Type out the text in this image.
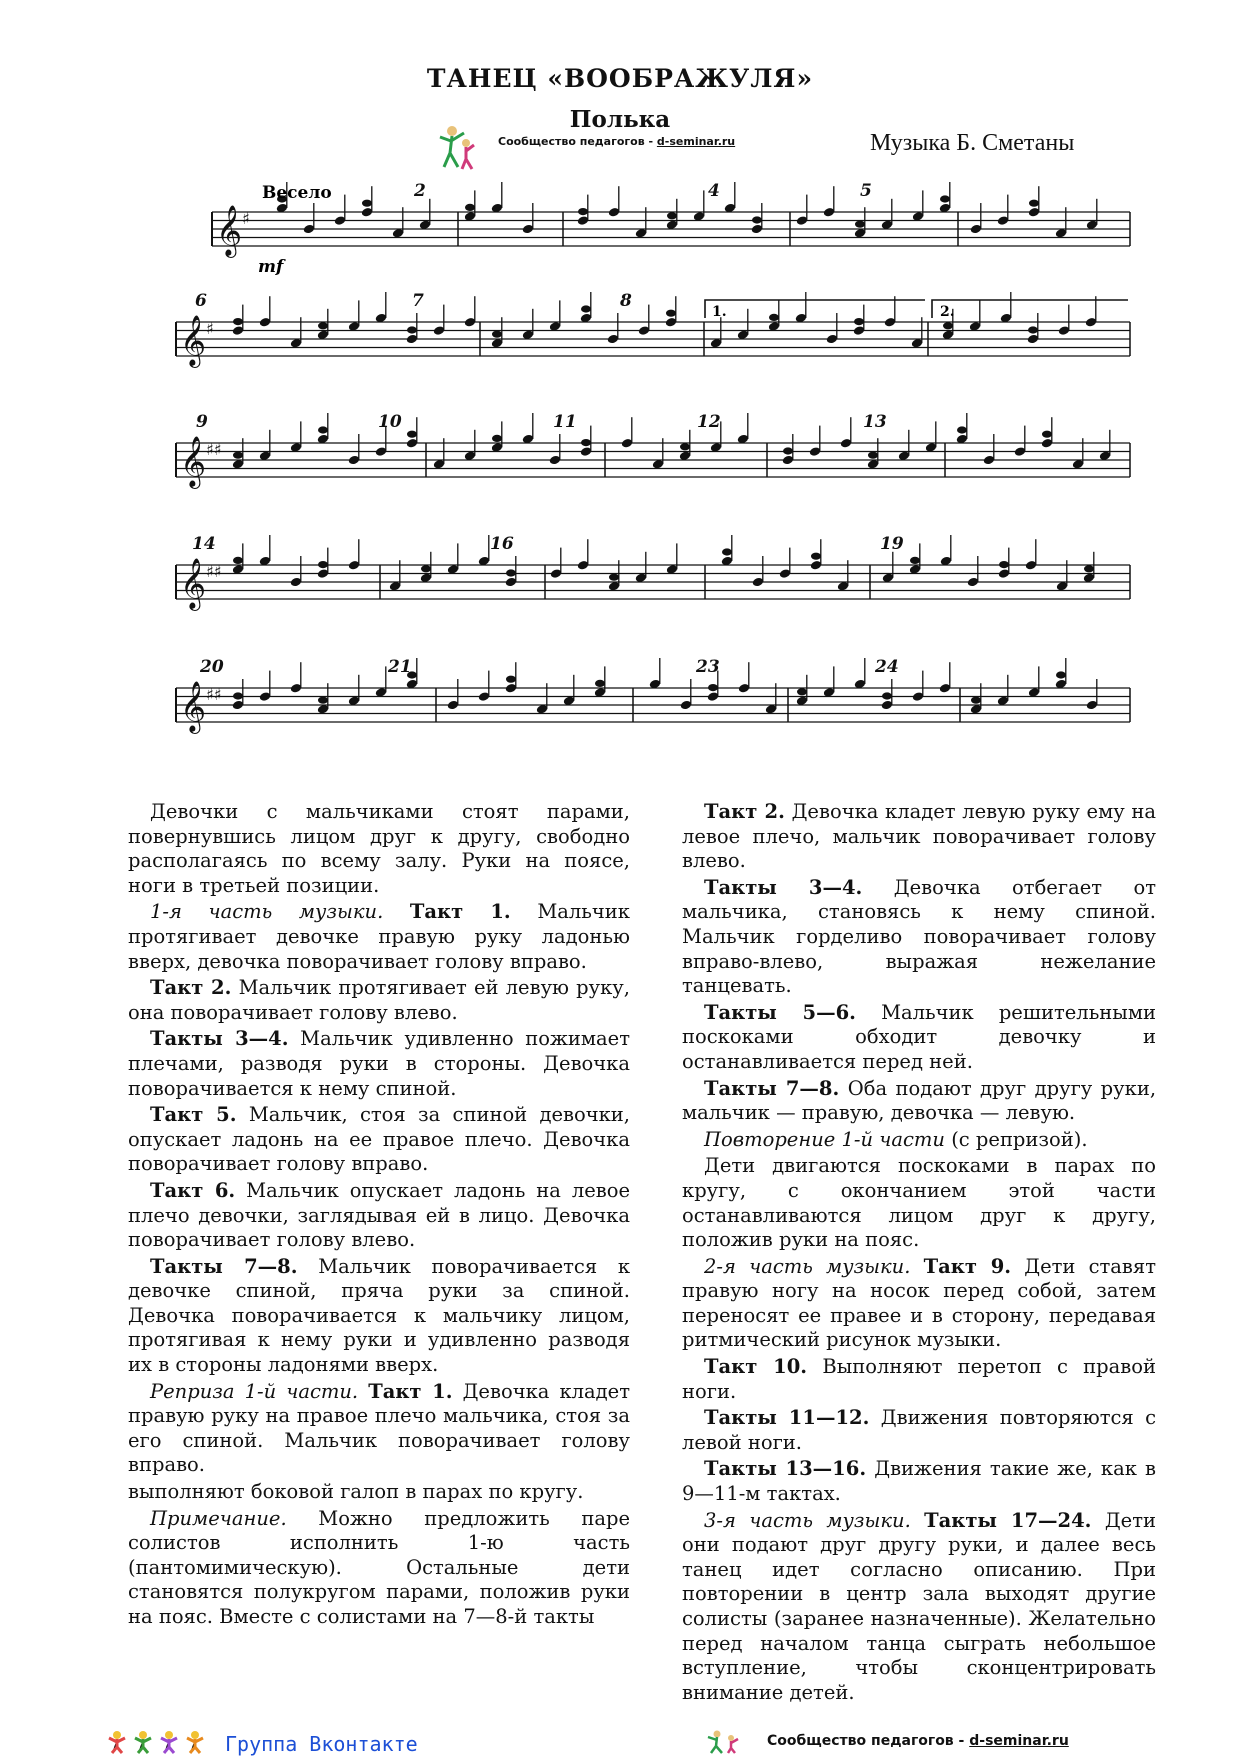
ТАНЕЦ «ВООБРАЖУЛЯ»
Полька
Музыка Б. Сметаны
Сообщество педагогов - d-seminar.ru
𝄞 ♯
𝄞 ♯
𝄞 ♯♯
𝄞 ♯♯
𝄞 ♯♯
Весело
mf
1.	2.
2	4	5
6	7	8
9	10	11	12	13
14	16	19
20	21	23	24

Девочки с мальчиками стоят парами, повернувшись лицом друг к другу, свободно располагаясь по всему залу. Руки на поясе, ноги в третьей позиции.

1-я часть музыки. Такт 1. Мальчик протягивает девочке правую руку ладонью вверх, девочка поворачивает голову вправо.

Такт 2. Мальчик протягивает ей левую руку, она поворачивает голову влево.

Такты 3—4. Мальчик удивленно пожимает плечами, разводя руки в стороны. Девочка поворачивается к нему спиной.

Такт 5. Мальчик, стоя за спиной девочки, опускает ладонь на ее правое плечо. Девочка поворачивает голову вправо.

Такт 6. Мальчик опускает ладонь на левое плечо девочки, заглядывая ей в лицо. Девочка поворачивает голову влево.

Такты 7—8. Мальчик поворачивается к девочке спиной, пряча руки за спиной. Девочка поворачивается к мальчику лицом, протягивая к нему руки и удивленно разводя их в стороны ладонями вверх.

Реприза 1-й части. Такт 1. Девочка кладет правую руку на правое плечо мальчика, стоя за его спиной. Мальчик поворачивает голову вправо.

выполняют боковой галоп в парах по кругу.

Примечание. Можно предложить паре солистов исполнить 1-ю часть (пантомимическую). Остальные дети становятся полукругом парами, положив руки на пояс. Вместе с солистами на 7—8-й такты

Такт 2. Девочка кладет левую руку ему на левое плечо, мальчик поворачивает голову влево.

Такты 3—4. Девочка отбегает от мальчика, становясь к нему спиной. Мальчик горделиво поворачивает голову вправо-влево, выражая нежелание танцевать.

Такты 5—6. Мальчик решительными поскоками обходит девочку и останавливается перед ней.

Такты 7—8. Оба подают друг другу руки, мальчик — правую, девочка — левую.

Повторение 1-й части (с репризой).

Дети двигаются поскоками в парах по кругу, с окончанием этой части останавливаются лицом друг к другу, положив руки на пояс.

2-я часть музыки. Такт 9. Дети ставят правую ногу на носок перед собой, затем переносят ее правее и в сторону, передавая ритмический рисунок музыки.

Такт 10. Выполняют перетоп с правой ноги.

Такты 11—12. Движения повторяются с левой ноги.

Такты 13—16. Движения такие же, как в 9—11-м тактах.

3-я часть музыки. Такты 17—24. Дети они подают друг другу руки, и далее весь танец идет согласно описанию. При повторении в центр зала выходят другие солисты (заранее назначенные). Желательно перед началом танца сыграть небольшое вступление, чтобы сконцентрировать внимание детей.

Группа Вконтакте	Сообщество педагогов - d-seminar.ru
